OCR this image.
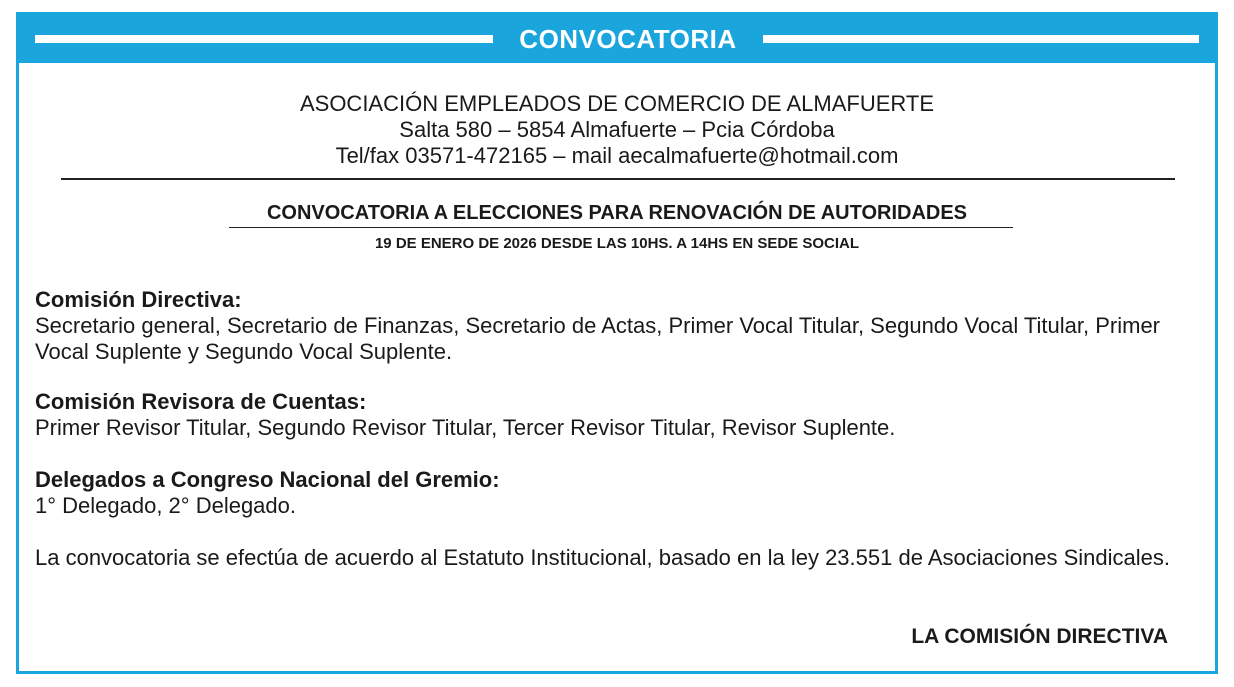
CONVOCATORIA
ASOCIACIÓN EMPLEADOS DE COMERCIO DE ALMAFUERTE
Salta 580 – 5854 Almafuerte – Pcia Córdoba
Tel/fax 03571-472165 – mail aecalmafuerte@hotmail.com
CONVOCATORIA A ELECCIONES PARA RENOVACIÓN DE AUTORIDADES
19 DE ENERO DE 2026 DESDE LAS 10HS. A 14HS EN SEDE SOCIAL
Comisión Directiva:
Secretario general, Secretario de Finanzas, Secretario de Actas, Primer Vocal Titular, Segundo Vocal Titular, Primer Vocal Suplente y Segundo Vocal Suplente.
Comisión Revisora de Cuentas:
Primer Revisor Titular, Segundo Revisor Titular, Tercer Revisor Titular, Revisor Suplente.
Delegados a Congreso Nacional del Gremio:
1° Delegado, 2° Delegado.
La convocatoria se efectúa de acuerdo al Estatuto Institucional, basado en la ley 23.551 de Asociaciones Sindicales.
LA COMISIÓN DIRECTIVA
